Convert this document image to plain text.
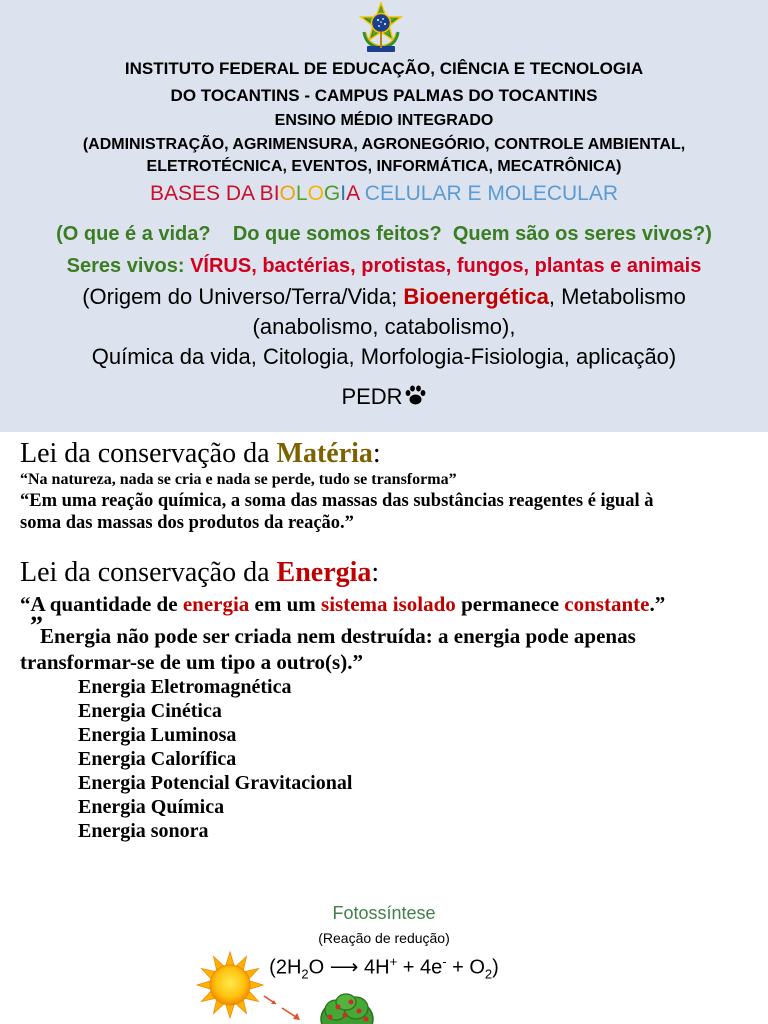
INSTITUTO FEDERAL DE EDUCAÇÃO, CIÊNCIA E TECNOLOGIA
DO TOCANTINS - CAMPUS PALMAS DO TOCANTINS
ENSINO MÉDIO INTEGRADO
(ADMINISTRAÇÃO, AGRIMENSURA, AGRONEGÓRIO, CONTROLE AMBIENTAL,
ELETROTÉCNICA, EVENTOS, INFORMÁTICA, MECATRÔNICA)
BASES DA BIOLOGIA CELULAR E MOLECULAR
(O que é a vida?    Do que somos feitos?  Quem são os seres vivos?)
Seres vivos: VÍRUS, bactérias, protistas, fungos, plantas e animais
(Origem do Universo/Terra/Vida; Bioenergética, Metabolismo
(anabolismo, catabolismo),
Química da vida, Citologia, Morfologia-Fisiologia, aplicação)
PEDR
Lei da conservação da Matéria:
“Na natureza, nada se cria e nada se perde, tudo se transforma”
“Em uma reação química, a soma das massas das substâncias reagentes é igual à
soma das massas dos produtos da reação.”
Lei da conservação da Energia:
“A quantidade de energia em um sistema isolado permanece constante.”
”
Energia não pode ser criada nem destruída: a energia pode apenas
transformar-se de um tipo a outro(s).”
Energia Eletromagnética
Energia Cinética
Energia Luminosa
Energia Calorífica
Energia Potencial Gravitacional
Energia Química
Energia sonora
Fotossíntese
(Reação de redução)
($2H_2O$ ⟶ $4H^+ + 4e^- + O_2$)
